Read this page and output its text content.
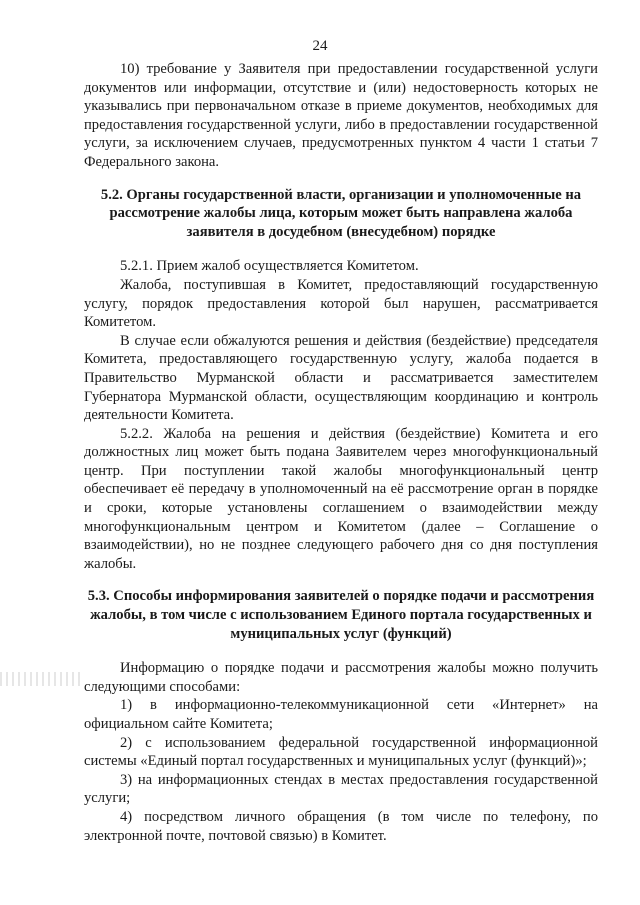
24

10) требование у Заявителя при предоставлении государственной услуги документов или информации, отсутствие и (или) недостоверность которых не указывались при первоначальном отказе в приеме документов, необходимых для предоставления государственной услуги, либо в предоставлении государственной услуги, за исключением случаев, предусмотренных пунктом 4 части 1 статьи 7 Федерального закона.

5.2. Органы государственной власти, организации и уполномоченные на рассмотрение жалобы лица, которым может быть направлена жалоба заявителя в досудебном (внесудебном) порядке

5.2.1. Прием жалоб осуществляется Комитетом.

Жалоба, поступившая в Комитет, предоставляющий государственную услугу, порядок предоставления которой был нарушен, рассматривается Комитетом.

В случае если обжалуются решения и действия (бездействие) председателя Комитета, предоставляющего государственную услугу, жалоба подается в Правительство Мурманской области и рассматривается заместителем Губернатора Мурманской области, осуществляющим координацию и контроль деятельности Комитета.

5.2.2. Жалоба на решения и действия (бездействие) Комитета и его должностных лиц может быть подана Заявителем через многофункциональный центр. При поступлении такой жалобы многофункциональный центр обеспечивает её передачу в уполномоченный на её рассмотрение орган в порядке и сроки, которые установлены соглашением о взаимодействии между многофункциональным центром и Комитетом (далее – Соглашение о взаимодействии), но не позднее следующего рабочего дня со дня поступления жалобы.

5.3. Способы информирования заявителей о порядке подачи и рассмотрения жалобы, в том числе с использованием Единого портала государственных и муниципальных услуг (функций)

Информацию о порядке подачи и рассмотрения жалобы можно получить следующими способами:

1) в информационно-телекоммуникационной сети «Интернет» на официальном сайте Комитета;

2) с использованием федеральной государственной информационной системы «Единый портал государственных и муниципальных услуг (функций)»;

3) на информационных стендах в местах предоставления государственной услуги;

4) посредством личного обращения (в том числе по телефону, по электронной почте, почтовой связью) в Комитет.
